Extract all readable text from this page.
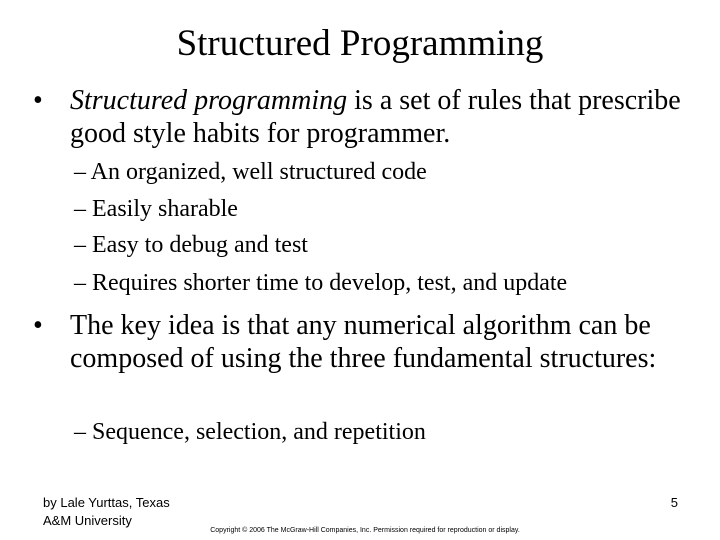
Structured Programming
• Structured programming is a set of rules that prescribe good style habits for programmer.
– An organized, well structured code
– Easily sharable
– Easy to debug and test
– Requires shorter time to develop, test, and update
• The key idea is that any numerical algorithm can be composed of using the three fundamental structures:
– Sequence, selection, and repetition
by Lale Yurttas, Texas
A&M University
5
Copyright © 2006 The McGraw-Hill Companies, Inc. Permission required for reproduction or display.
